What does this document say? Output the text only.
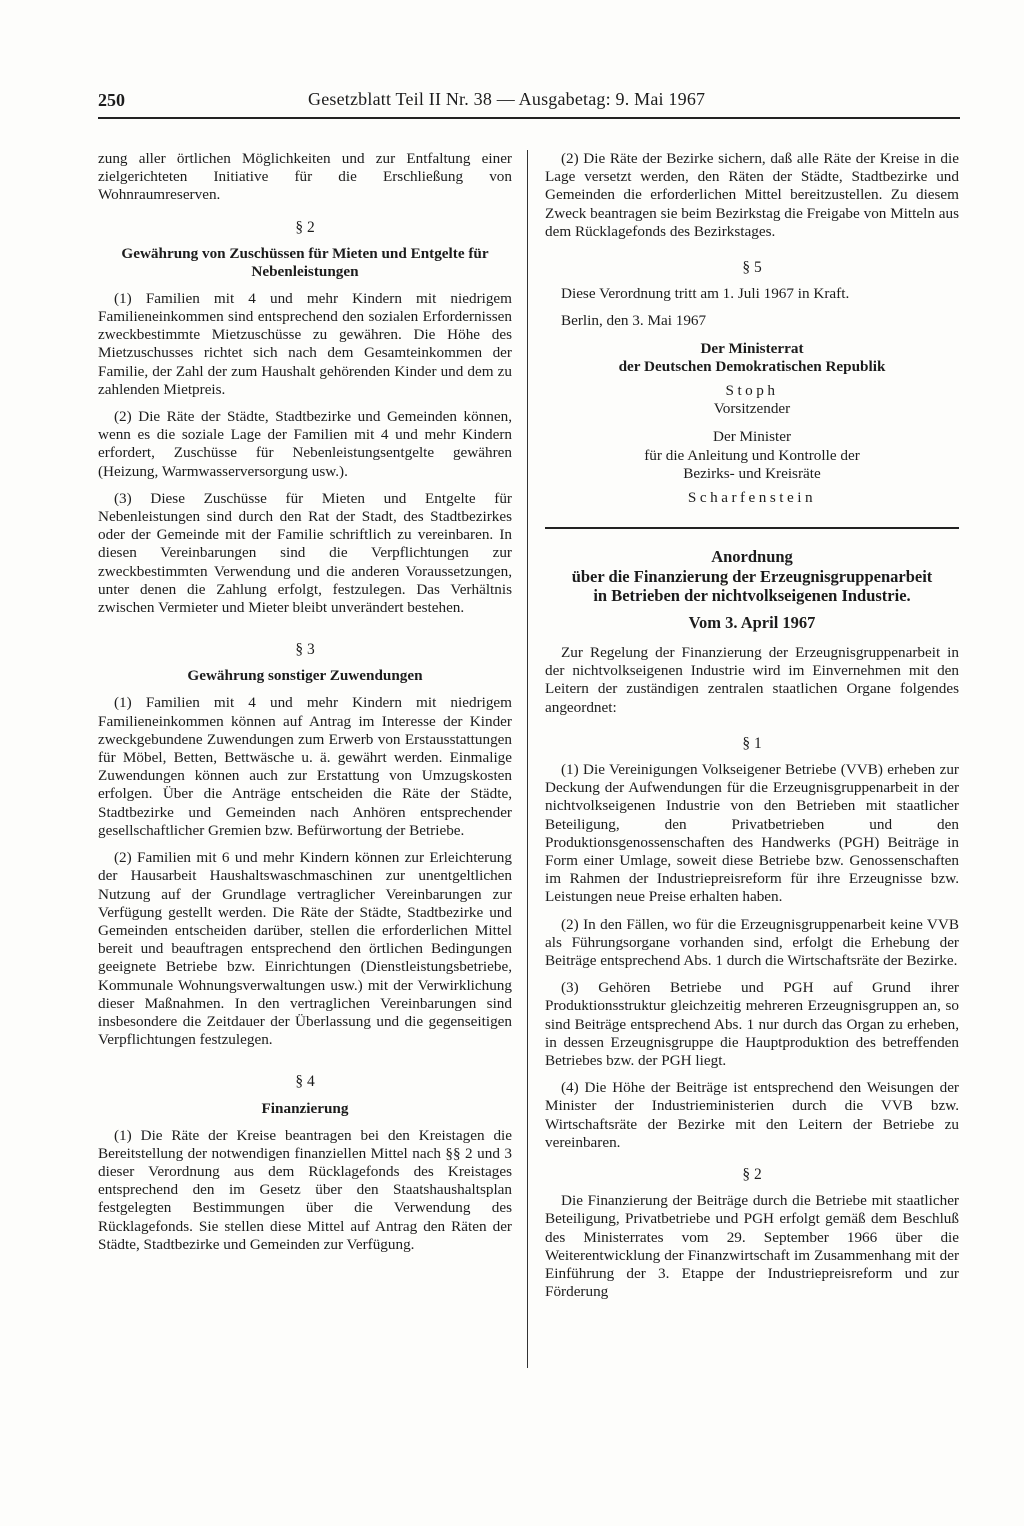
250	Gesetzblatt Teil II Nr. 38 — Ausgabetag: 9. Mai 1967

zung aller örtlichen Möglichkeiten und zur Entfaltung einer zielgerichteten Initiative für die Erschließung von Wohnraumreserven.

§ 2
Gewährung von Zuschüssen für Mieten und Entgelte für Nebenleistungen

(1) Familien mit 4 und mehr Kindern mit niedrigem Familieneinkommen sind entsprechend den sozialen Erfordernissen zweckbestimmte Mietzuschüsse zu gewähren. Die Höhe des Mietzuschusses richtet sich nach dem Gesamteinkommen der Familie, der Zahl der zum Haushalt gehörenden Kinder und dem zu zahlenden Mietpreis.

(2) Die Räte der Städte, Stadtbezirke und Gemeinden können, wenn es die soziale Lage der Familien mit 4 und mehr Kindern erfordert, Zuschüsse für Nebenleistungsentgelte gewähren (Heizung, Warmwasserversorgung usw.).

(3) Diese Zuschüsse für Mieten und Entgelte für Nebenleistungen sind durch den Rat der Stadt, des Stadtbezirkes oder der Gemeinde mit der Familie schriftlich zu vereinbaren. In diesen Vereinbarungen sind die Verpflichtungen zur zweckbestimmten Verwendung und die anderen Voraussetzungen, unter denen die Zahlung erfolgt, festzulegen. Das Verhältnis zwischen Vermieter und Mieter bleibt unverändert bestehen.

§ 3
Gewährung sonstiger Zuwendungen

(1) Familien mit 4 und mehr Kindern mit niedrigem Familieneinkommen können auf Antrag im Interesse der Kinder zweckgebundene Zuwendungen zum Erwerb von Erstausstattungen für Möbel, Betten, Bettwäsche u. ä. gewährt werden. Einmalige Zuwendungen können auch zur Erstattung von Umzugskosten erfolgen. Über die Anträge entscheiden die Räte der Städte, Stadtbezirke und Gemeinden nach Anhören entsprechender gesellschaftlicher Gremien bzw. Befürwortung der Betriebe.

(2) Familien mit 6 und mehr Kindern können zur Erleichterung der Hausarbeit Haushaltswaschmaschinen zur unentgeltlichen Nutzung auf der Grundlage vertraglicher Vereinbarungen zur Verfügung gestellt werden. Die Räte der Städte, Stadtbezirke und Gemeinden entscheiden darüber, stellen die erforderlichen Mittel bereit und beauftragen entsprechend den örtlichen Bedingungen geeignete Betriebe bzw. Einrichtungen (Dienstleistungsbetriebe, Kommunale Wohnungsverwaltungen usw.) mit der Verwirklichung dieser Maßnahmen. In den vertraglichen Vereinbarungen sind insbesondere die Zeitdauer der Überlassung und die gegenseitigen Verpflichtungen festzulegen.

§ 4
Finanzierung

(1) Die Räte der Kreise beantragen bei den Kreistagen die Bereitstellung der notwendigen finanziellen Mittel nach §§ 2 und 3 dieser Verordnung aus dem Rücklagefonds des Kreistages entsprechend den im Gesetz über den Staatshaushaltsplan festgelegten Bestimmungen über die Verwendung des Rücklagefonds. Sie stellen diese Mittel auf Antrag den Räten der Städte, Stadtbezirke und Gemeinden zur Verfügung.

(2) Die Räte der Bezirke sichern, daß alle Räte der Kreise in die Lage versetzt werden, den Räten der Städte, Stadtbezirke und Gemeinden die erforderlichen Mittel bereitzustellen. Zu diesem Zweck beantragen sie beim Bezirkstag die Freigabe von Mitteln aus dem Rücklagefonds des Bezirkstages.

§ 5

Diese Verordnung tritt am 1. Juli 1967 in Kraft.

Berlin, den 3. Mai 1967

Der Ministerrat

der Deutschen Demokratischen Republik

Stoph

Vorsitzender

Der Minister

für die Anleitung und Kontrolle der

Bezirks- und Kreisräte

Scharfenstein

Anordnung

über die Finanzierung der Erzeugnisgruppenarbeit

in Betrieben der nichtvolkseigenen Industrie.

Vom 3. April 1967

Zur Regelung der Finanzierung der Erzeugnisgruppenarbeit in der nichtvolkseigenen Industrie wird im Einvernehmen mit den Leitern der zuständigen zentralen staatlichen Organe folgendes angeordnet:

§ 1

(1) Die Vereinigungen Volkseigener Betriebe (VVB) erheben zur Deckung der Aufwendungen für die Erzeugnisgruppenarbeit in der nichtvolkseigenen Industrie von den Betrieben mit staatlicher Beteiligung, den Privatbetrieben und den Produktionsgenossenschaften des Handwerks (PGH) Beiträge in Form einer Umlage, soweit diese Betriebe bzw. Genossenschaften im Rahmen der Industriepreisreform für ihre Erzeugnisse bzw. Leistungen neue Preise erhalten haben.

(2) In den Fällen, wo für die Erzeugnisgruppenarbeit keine VVB als Führungsorgane vorhanden sind, erfolgt die Erhebung der Beiträge entsprechend Abs. 1 durch die Wirtschaftsräte der Bezirke.

(3) Gehören Betriebe und PGH auf Grund ihrer Produktionsstruktur gleichzeitig mehreren Erzeugnisgruppen an, so sind Beiträge entsprechend Abs. 1 nur durch das Organ zu erheben, in dessen Erzeugnisgruppe die Hauptproduktion des betreffenden Betriebes bzw. der PGH liegt.

(4) Die Höhe der Beiträge ist entsprechend den Weisungen der Minister der Industrieministerien durch die VVB bzw. Wirtschaftsräte der Bezirke mit den Leitern der Betriebe zu vereinbaren.

§ 2

Die Finanzierung der Beiträge durch die Betriebe mit staatlicher Beteiligung, Privatbetriebe und PGH erfolgt gemäß dem Beschluß des Ministerrates vom 29. September 1966 über die Weiterentwicklung der Finanzwirtschaft im Zusammenhang mit der Einführung der 3. Etappe der Industriepreisreform und zur Förderung
